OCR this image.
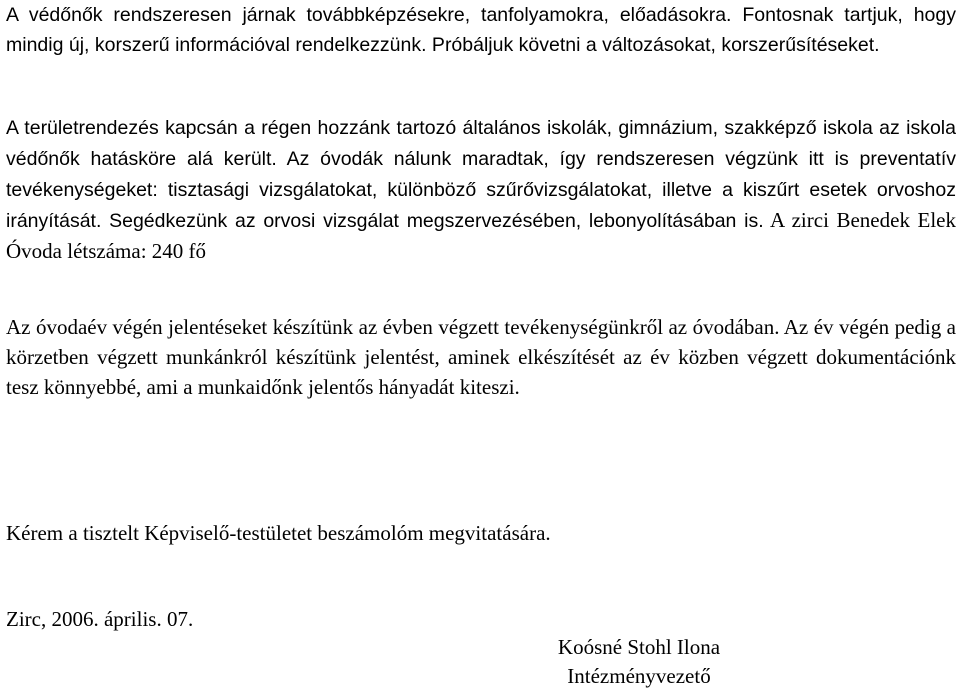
A védőnők rendszeresen járnak továbbképzésekre, tanfolyamokra, előadásokra. Fontosnak tartjuk, hogy mindig új, korszerű információval rendelkezzünk. Próbáljuk követni a változásokat, korszerűsítéseket.

A területrendezés kapcsán a régen hozzánk tartozó általános iskolák, gimnázium, szakképző iskola az iskola védőnők hatásköre alá került. Az óvodák nálunk maradtak, így rendszeresen végzünk itt is preventatív tevékenységeket: tisztasági vizsgálatokat, különböző szűrővizsgálatokat, illetve a kiszűrt esetek orvoshoz irányítását. Segédkezünk az orvosi vizsgálat megszervezésében, lebonyolításában is. A zirci Benedek Elek Óvoda létszáma: 240 fő

Az óvodaév végén jelentéseket készítünk az évben végzett tevékenységünkről az óvodában. Az év végén pedig a körzetben végzett munkánkról készítünk jelentést, aminek elkészítését az év közben végzett dokumentációnk tesz könnyebbé, ami a munkaidőnk jelentős hányadát kiteszi.

Kérem a tisztelt Képviselő-testületet beszámolóm megvitatására.

Zirc, 2006. április. 07.

Koósné Stohl Ilona
Intézményvezető
